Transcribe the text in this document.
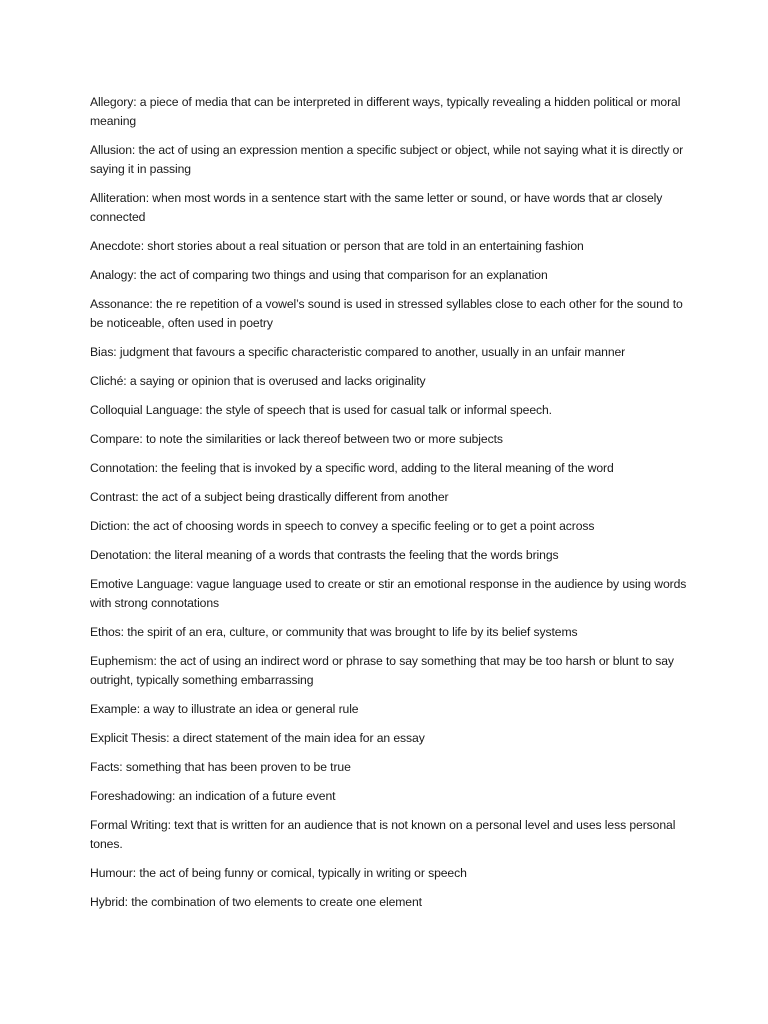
Allegory: a piece of media that can be interpreted in different ways, typically revealing a hidden political or moral meaning
Allusion: the act of using an expression mention a specific subject or object, while not saying what it is directly or saying it in passing
Alliteration: when most words in a sentence start with the same letter or sound, or have words that ar closely connected
Anecdote: short stories about a real situation or person that are told in an entertaining fashion
Analogy: the act of comparing two things and using that comparison for an explanation
Assonance: the re repetition of a vowel’s sound is used in stressed syllables close to each other for the sound to be noticeable, often used in poetry
Bias: judgment that favours a specific characteristic compared to another, usually in an unfair manner
Cliché: a saying or opinion that is overused and lacks originality
Colloquial Language: the style of speech that is used for casual talk or informal speech.
Compare: to note the similarities or lack thereof between two or more subjects
Connotation: the feeling that is invoked by a specific word, adding to the literal meaning of the word
Contrast: the act of a subject being drastically different from another
Diction: the act of choosing words in speech to convey a specific feeling or to get a point across
Denotation: the literal meaning of a words that contrasts the feeling that the words brings
Emotive Language: vague language used to create or stir an emotional response in the audience by using words with strong connotations
Ethos: the spirit of an era, culture, or community that was brought to life by its belief systems
Euphemism: the act of using an indirect word or phrase to say something that may be too harsh or blunt to say outright, typically something embarrassing
Example: a way to illustrate an idea or general rule
Explicit Thesis: a direct statement of the main idea for an essay
Facts: something that has been proven to be true
Foreshadowing: an indication of a future event
Formal Writing: text that is written for an audience that is not known on a personal level and uses less personal tones.
Humour: the act of being funny or comical, typically in writing or speech
Hybrid: the combination of two elements to create one element
